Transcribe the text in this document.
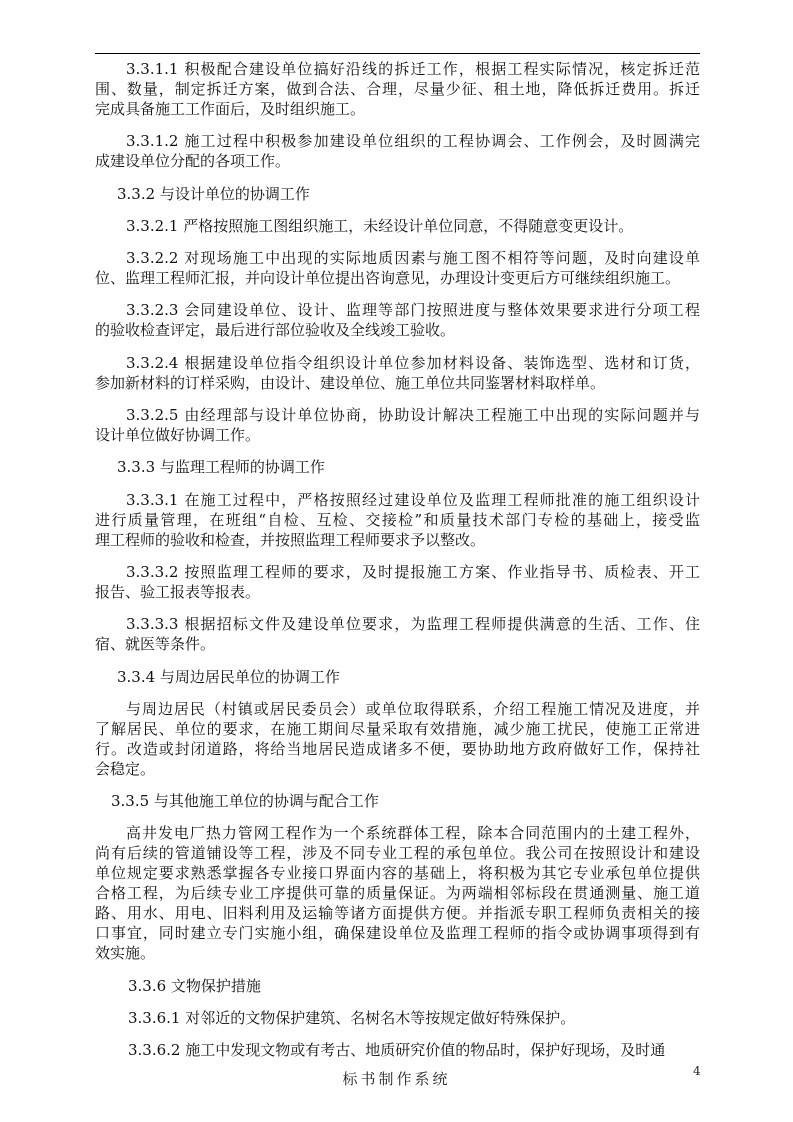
3.3.1.1 积极配合建设单位搞好沿线的拆迁工作，根据工程实际情况，核定拆迁范
围、数量，制定拆迁方案，做到合法、合理，尽量少征、租土地，降低拆迁费用。拆迁
完成具备施工工作面后，及时组织施工。
3.3.1.2 施工过程中积极参加建设单位组织的工程协调会、工作例会，及时圆满完
成建设单位分配的各项工作。
3.3.2 与设计单位的协调工作
3.3.2.1 严格按照施工图组织施工，未经设计单位同意，不得随意变更设计。
3.3.2.2 对现场施工中出现的实际地质因素与施工图不相符等问题，及时向建设单
位、监理工程师汇报，并向设计单位提出咨询意见，办理设计变更后方可继续组织施工。
3.3.2.3 会同建设单位、设计、监理等部门按照进度与整体效果要求进行分项工程
的验收检查评定，最后进行部位验收及全线竣工验收。
3.3.2.4 根据建设单位指令组织设计单位参加材料设备、装饰选型、选材和订货，
参加新材料的订样采购，由设计、建设单位、施工单位共同鉴署材料取样单。
3.3.2.5 由经理部与设计单位协商，协助设计解决工程施工中出现的实际问题并与
设计单位做好协调工作。
3.3.3 与监理工程师的协调工作
3.3.3.1 在施工过程中，严格按照经过建设单位及监理工程师批准的施工组织设计
进行质量管理，在班组“自检、互检、交接检”和质量技术部门专检的基础上，接受监
理工程师的验收和检查，并按照监理工程师要求予以整改。
3.3.3.2 按照监理工程师的要求，及时提报施工方案、作业指导书、质检表、开工
报告、验工报表等报表。
3.3.3.3 根据招标文件及建设单位要求，为监理工程师提供满意的生活、工作、住
宿、就医等条件。
3.3.4 与周边居民单位的协调工作
与周边居民（村镇或居民委员会）或单位取得联系，介绍工程施工情况及进度，并
了解居民、单位的要求，在施工期间尽量采取有效措施，减少施工扰民，使施工正常进
行。改造或封闭道路，将给当地居民造成诸多不便，要协助地方政府做好工作，保持社
会稳定。
3.3.5 与其他施工单位的协调与配合工作
高井发电厂热力管网工程作为一个系统群体工程，除本合同范围内的土建工程外，
尚有后续的管道铺设等工程，涉及不同专业工程的承包单位。我公司在按照设计和建设
单位规定要求熟悉掌握各专业接口界面内容的基础上，将积极为其它专业承包单位提供
合格工程，为后续专业工序提供可靠的质量保证。为两端相邻标段在贯通测量、施工道
路、用水、用电、旧料利用及运输等诸方面提供方便。并指派专职工程师负责相关的接
口事宜，同时建立专门实施小组，确保建设单位及监理工程师的指令或协调事项得到有
效实施。
3.3.6 文物保护措施
3.3.6.1 对邻近的文物保护建筑、名树名木等按规定做好特殊保护。
3.3.6.2 施工中发现文物或有考古、地质研究价值的物品时，保护好现场，及时通
标书制作系统	4
